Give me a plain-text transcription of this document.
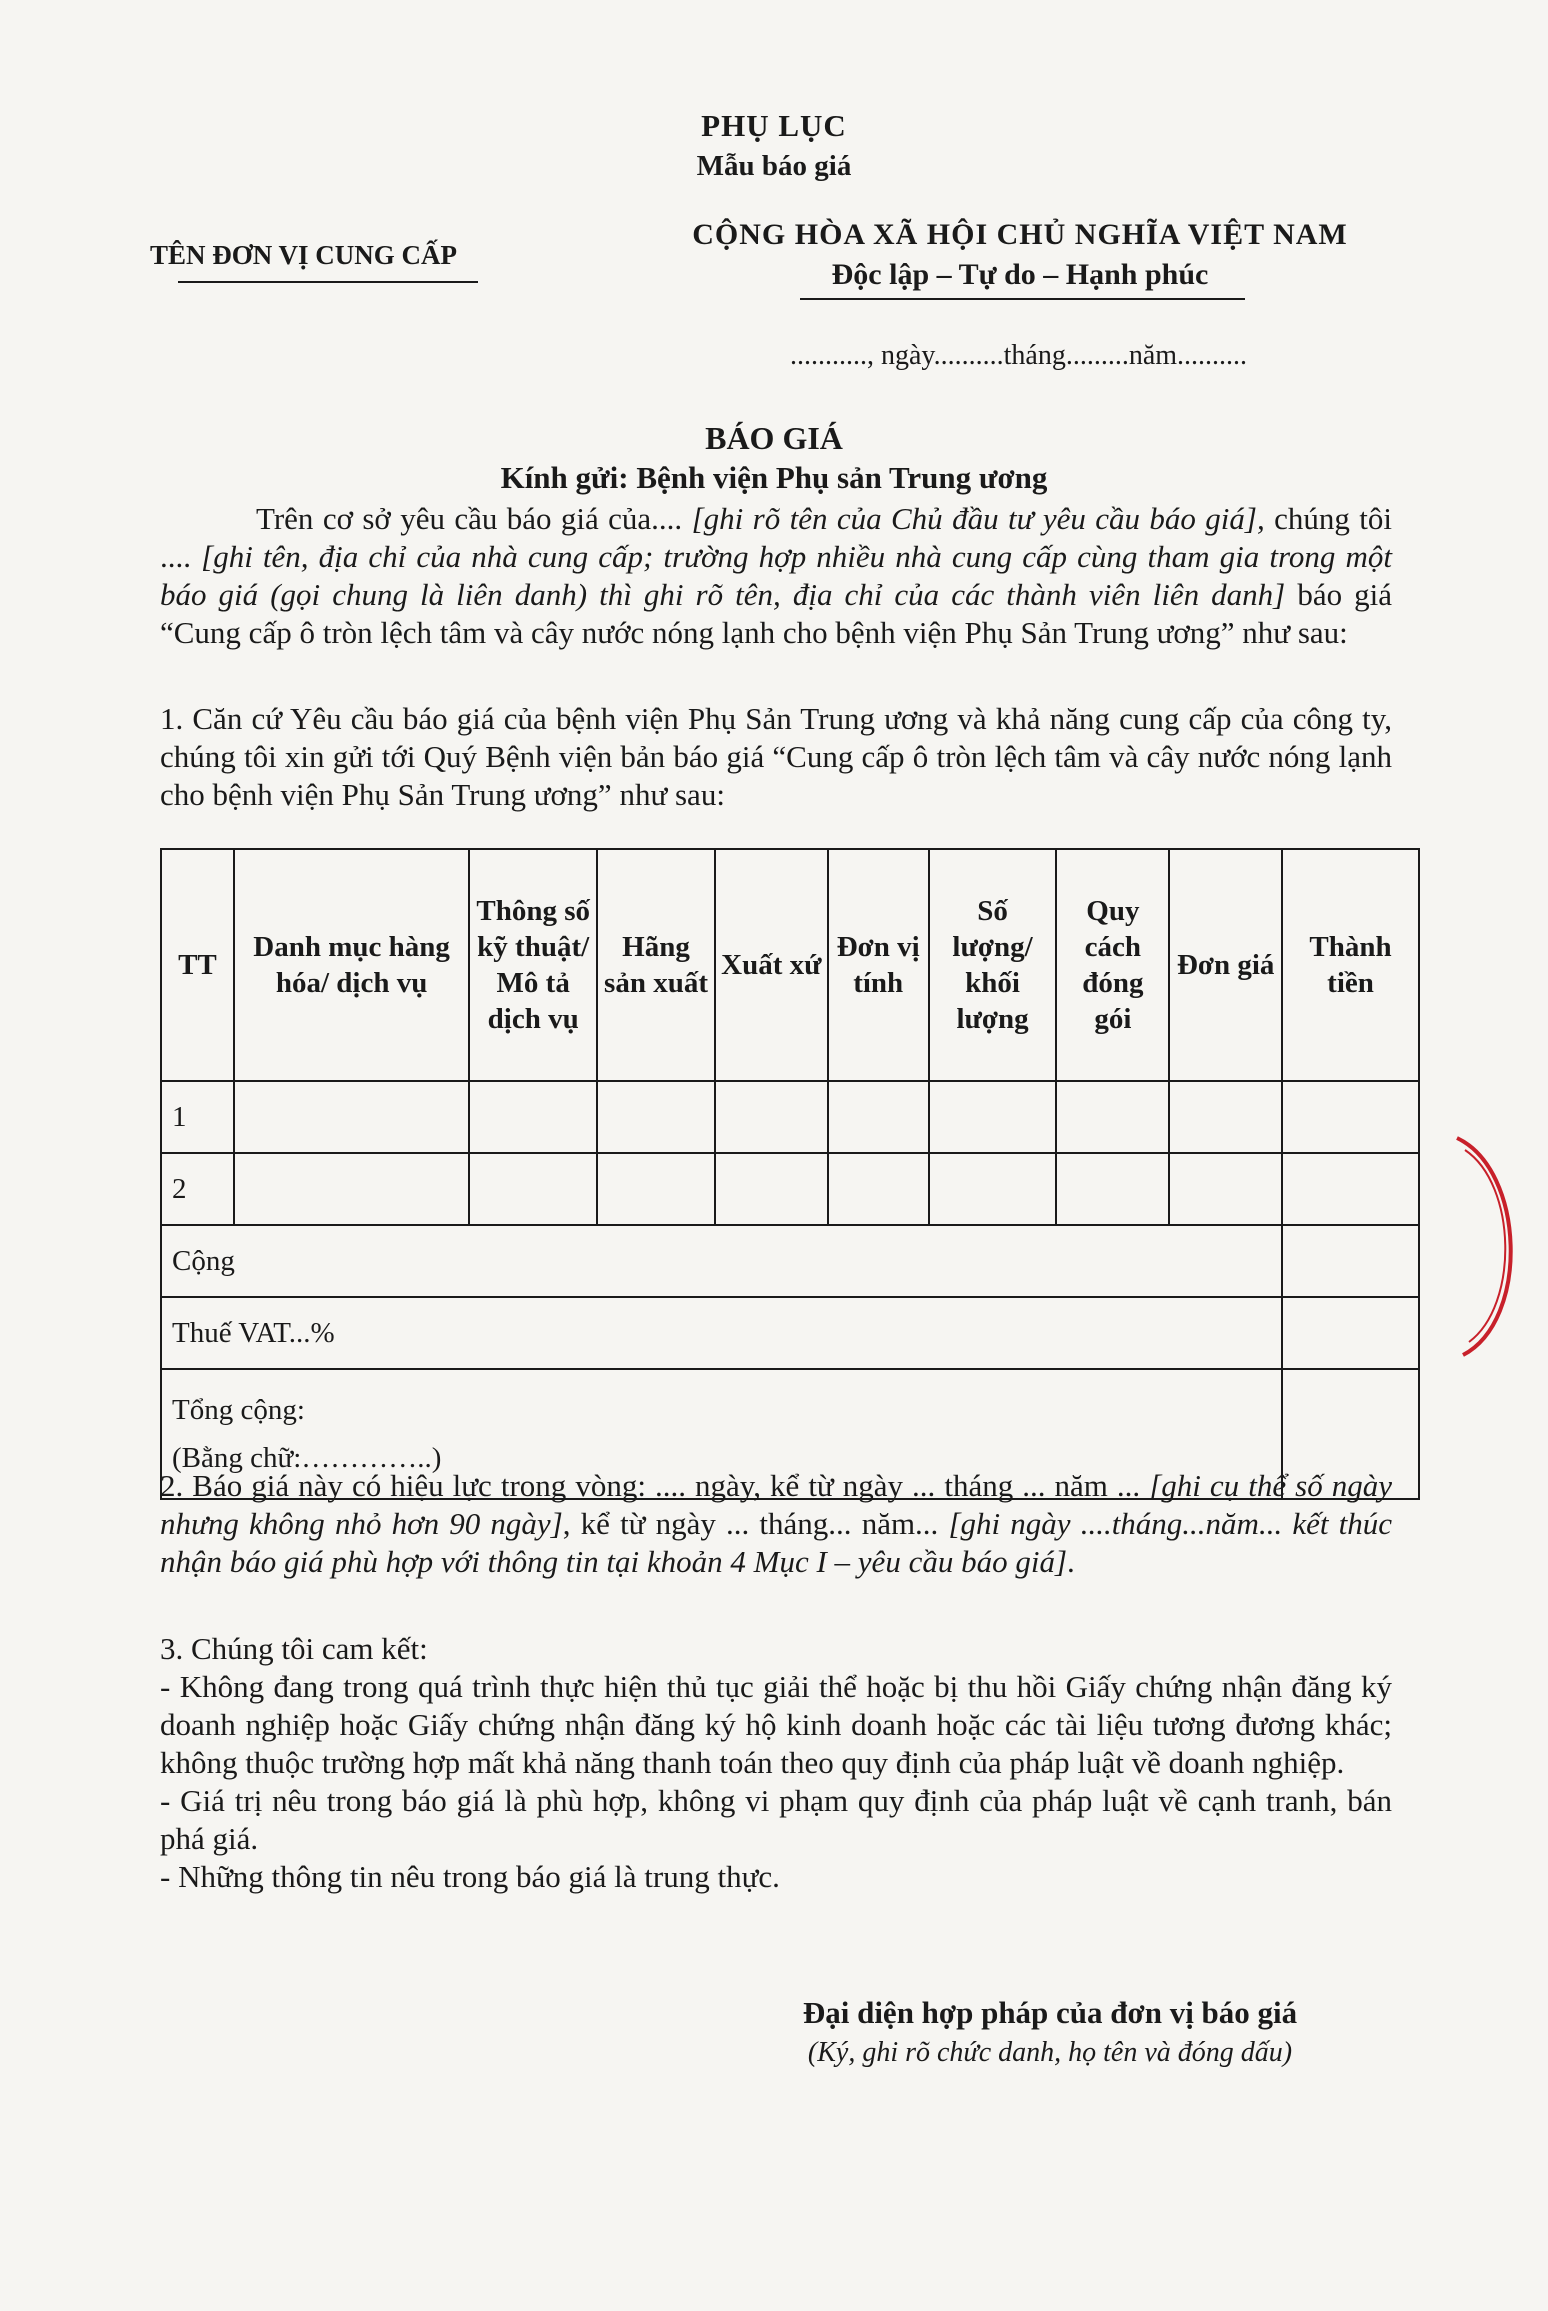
PHỤ LỤC
Mẫu báo giá
TÊN ĐƠN VỊ CUNG CẤP
CỘNG HÒA XÃ HỘI CHỦ NGHĨA VIỆT NAM
Độc lập – Tự do – Hạnh phúc
..........., ngày..........tháng.........năm..........
BÁO GIÁ
Kính gửi: Bệnh viện Phụ sản Trung ương
Trên cơ sở yêu cầu báo giá của.... [ghi rõ tên của Chủ đầu tư yêu cầu báo giá], chúng tôi .... [ghi tên, địa chỉ của nhà cung cấp; trường hợp nhiều nhà cung cấp cùng tham gia trong một báo giá (gọi chung là liên danh) thì ghi rõ tên, địa chỉ của các thành viên liên danh] báo giá “Cung cấp ô tròn lệch tâm và cây nước nóng lạnh cho bệnh viện Phụ Sản Trung ương” như sau:
1. Căn cứ Yêu cầu báo giá của bệnh viện Phụ Sản Trung ương và khả năng cung cấp của công ty, chúng tôi xin gửi tới Quý Bệnh viện bản báo giá “Cung cấp ô tròn lệch tâm và cây nước nóng lạnh cho bệnh viện Phụ Sản Trung ương” như sau:
TT	Danh mục hàng hóa/ dịch vụ	Thông số kỹ thuật/ Mô tả dịch vụ	Hãng sản xuất	Xuất xứ	Đơn vị tính	Số lượng/ khối lượng	Quy cách đóng gói	Đơn giá	Thành tiền
1									
2									
Cộng									
Thuế VAT...%									

Tổng cộng:
(Bằng chữ:…………..)									

2. Báo giá này có hiệu lực trong vòng: .... ngày, kể từ ngày ... tháng ... năm ... [ghi cụ thể số ngày nhưng không nhỏ hơn 90 ngày], kể từ ngày ... tháng... năm... [ghi ngày ....tháng...năm... kết thúc nhận báo giá phù hợp với thông tin tại khoản 4 Mục I – yêu cầu báo giá].

3. Chúng tôi cam kết:

- Không đang trong quá trình thực hiện thủ tục giải thể hoặc bị thu hồi Giấy chứng nhận đăng ký doanh nghiệp hoặc Giấy chứng nhận đăng ký hộ kinh doanh hoặc các tài liệu tương đương khác; không thuộc trường hợp mất khả năng thanh toán theo quy định của pháp luật về doanh nghiệp.

- Giá trị nêu trong báo giá là phù hợp, không vi phạm quy định của pháp luật về cạnh tranh, bán phá giá.

- Những thông tin nêu trong báo giá là trung thực.

Đại diện hợp pháp của đơn vị báo giá
(Ký, ghi rõ chức danh, họ tên và đóng dấu)
